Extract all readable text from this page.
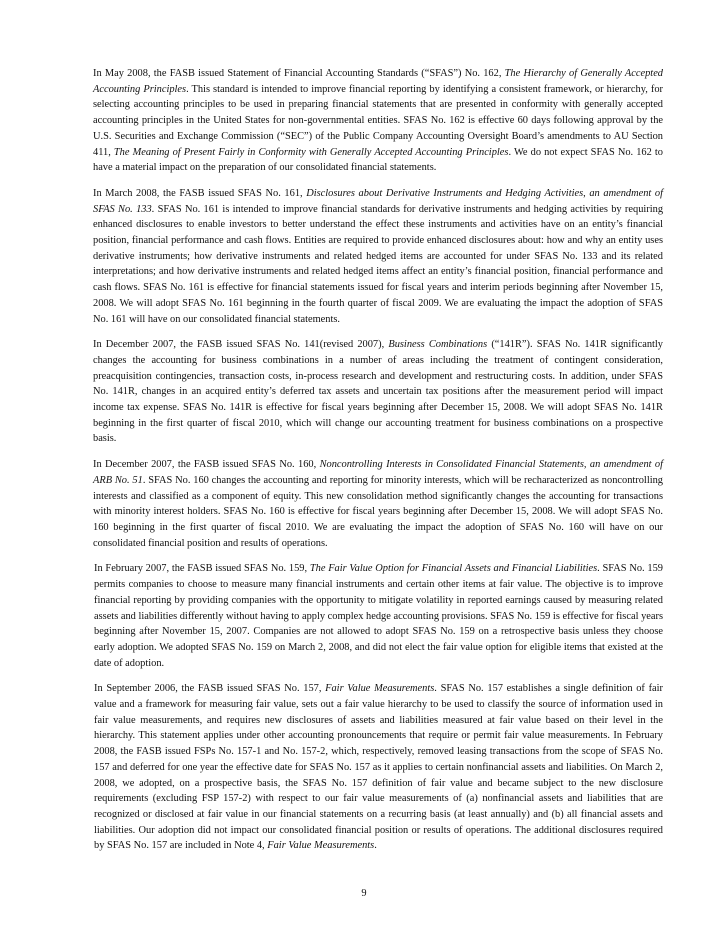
In May 2008, the FASB issued Statement of Financial Accounting Standards (“SFAS”) No. 162, The Hierarchy of Generally Accepted Accounting Principles. This standard is intended to improve financial reporting by identifying a consistent framework, or hierarchy, for selecting accounting principles to be used in preparing financial statements that are presented in conformity with generally accepted accounting principles in the United States for non-governmental entities. SFAS No. 162 is effective 60 days following approval by the U.S. Securities and Exchange Commission (“SEC”) of the Public Company Accounting Oversight Board’s amendments to AU Section 411, The Meaning of Present Fairly in Conformity with Generally Accepted Accounting Principles. We do not expect SFAS No. 162 to have a material impact on the preparation of our consolidated financial statements.

In March 2008, the FASB issued SFAS No. 161, Disclosures about Derivative Instruments and Hedging Activities, an amendment of SFAS No. 133. SFAS No. 161 is intended to improve financial standards for derivative instruments and hedging activities by requiring enhanced disclosures to enable investors to better understand the effect these instruments and activities have on an entity’s financial position, financial performance and cash flows. Entities are required to provide enhanced disclosures about: how and why an entity uses derivative instruments; how derivative instruments and related hedged items are accounted for under SFAS No. 133 and its related interpretations; and how derivative instruments and related hedged items affect an entity’s financial position, financial performance and cash flows. SFAS No. 161 is effective for financial statements issued for fiscal years and interim periods beginning after November 15, 2008. We will adopt SFAS No. 161 beginning in the fourth quarter of fiscal 2009. We are evaluating the impact the adoption of SFAS No. 161 will have on our consolidated financial statements.

In December 2007, the FASB issued SFAS No. 141(revised 2007), Business Combinations (“141R”). SFAS No. 141R significantly changes the accounting for business combinations in a number of areas including the treatment of contingent consideration, preacquisition contingencies, transaction costs, in-process research and development and restructuring costs. In addition, under SFAS No. 141R, changes in an acquired entity’s deferred tax assets and uncertain tax positions after the measurement period will impact income tax expense. SFAS No. 141R is effective for fiscal years beginning after December 15, 2008. We will adopt SFAS No. 141R beginning in the first quarter of fiscal 2010, which will change our accounting treatment for business combinations on a prospective basis.

In December 2007, the FASB issued SFAS No. 160, Noncontrolling Interests in Consolidated Financial Statements, an amendment of ARB No. 51. SFAS No. 160 changes the accounting and reporting for minority interests, which will be recharacterized as noncontrolling interests and classified as a component of equity. This new consolidation method significantly changes the accounting for transactions with minority interest holders. SFAS No. 160 is effective for fiscal years beginning after December 15, 2008. We will adopt SFAS No. 160 beginning in the first quarter of fiscal 2010. We are evaluating the impact the adoption of SFAS No. 160 will have on our consolidated financial position and results of operations.

In February 2007, the FASB issued SFAS No. 159, The Fair Value Option for Financial Assets and Financial Liabilities. SFAS No. 159 permits companies to choose to measure many financial instruments and certain other items at fair value. The objective is to improve financial reporting by providing companies with the opportunity to mitigate volatility in reported earnings caused by measuring related assets and liabilities differently without having to apply complex hedge accounting provisions. SFAS No. 159 is effective for fiscal years beginning after November 15, 2007. Companies are not allowed to adopt SFAS No. 159 on a retrospective basis unless they choose early adoption. We adopted SFAS No. 159 on March 2, 2008, and did not elect the fair value option for eligible items that existed at the date of adoption.

In September 2006, the FASB issued SFAS No. 157, Fair Value Measurements. SFAS No. 157 establishes a single definition of fair value and a framework for measuring fair value, sets out a fair value hierarchy to be used to classify the source of information used in fair value measurements, and requires new disclosures of assets and liabilities measured at fair value based on their level in the hierarchy. This statement applies under other accounting pronouncements that require or permit fair value measurements. In February 2008, the FASB issued FSPs No. 157-1 and No. 157-2, which, respectively, removed leasing transactions from the scope of SFAS No. 157 and deferred for one year the effective date for SFAS No. 157 as it applies to certain nonfinancial assets and liabilities. On March 2, 2008, we adopted, on a prospective basis, the SFAS No. 157 definition of fair value and became subject to the new disclosure requirements (excluding FSP 157-2) with respect to our fair value measurements of (a) nonfinancial assets and liabilities that are recognized or disclosed at fair value in our financial statements on a recurring basis (at least annually) and (b) all financial assets and liabilities. Our adoption did not impact our consolidated financial position or results of operations. The additional disclosures required by SFAS No. 157 are included in Note 4, Fair Value Measurements.

9
